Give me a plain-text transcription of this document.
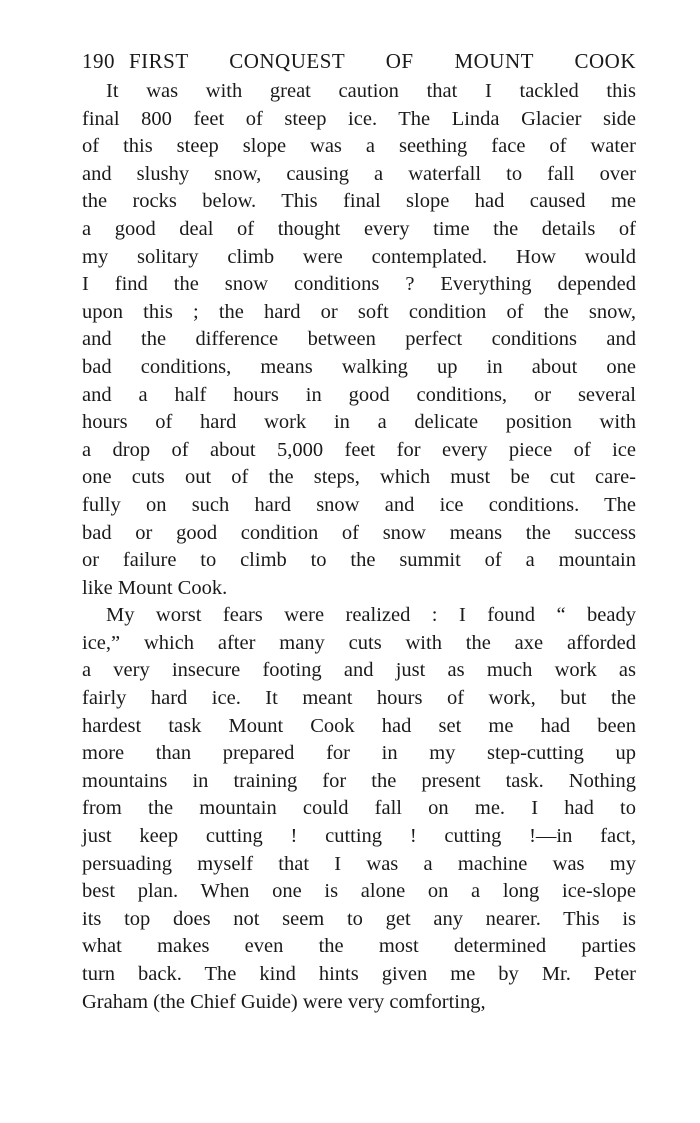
190 FIRST CONQUEST OF MOUNT COOK

It was with great caution that I tackled this
final 800 feet of steep ice. The Linda Glacier side
of this steep slope was a seething face of water
and slushy snow, causing a waterfall to fall over
the rocks below. This final slope had caused me
a good deal of thought every time the details of
my solitary climb were contemplated. How would
I find the snow conditions ? Everything depended
upon this ; the hard or soft condition of the snow,
and the difference between perfect conditions and
bad conditions, means walking up in about one
and a half hours in good conditions, or several
hours of hard work in a delicate position with
a drop of about 5,000 feet for every piece of ice
one cuts out of the steps, which must be cut care-
fully on such hard snow and ice conditions. The
bad or good condition of snow means the success
or failure to climb to the summit of a mountain
like Mount Cook.

My worst fears were realized : I found “ beady
ice,” which after many cuts with the axe afforded
a very insecure footing and just as much work as
fairly hard ice. It meant hours of work, but the
hardest task Mount Cook had set me had been
more than prepared for in my step-cutting up
mountains in training for the present task. Nothing
from the mountain could fall on me. I had to
just keep cutting ! cutting ! cutting !—in fact,
persuading myself that I was a machine was my
best plan. When one is alone on a long ice-slope
its top does not seem to get any nearer. This is
what makes even the most determined parties
turn back. The kind hints given me by Mr. Peter
Graham (the Chief Guide) were very comforting,
